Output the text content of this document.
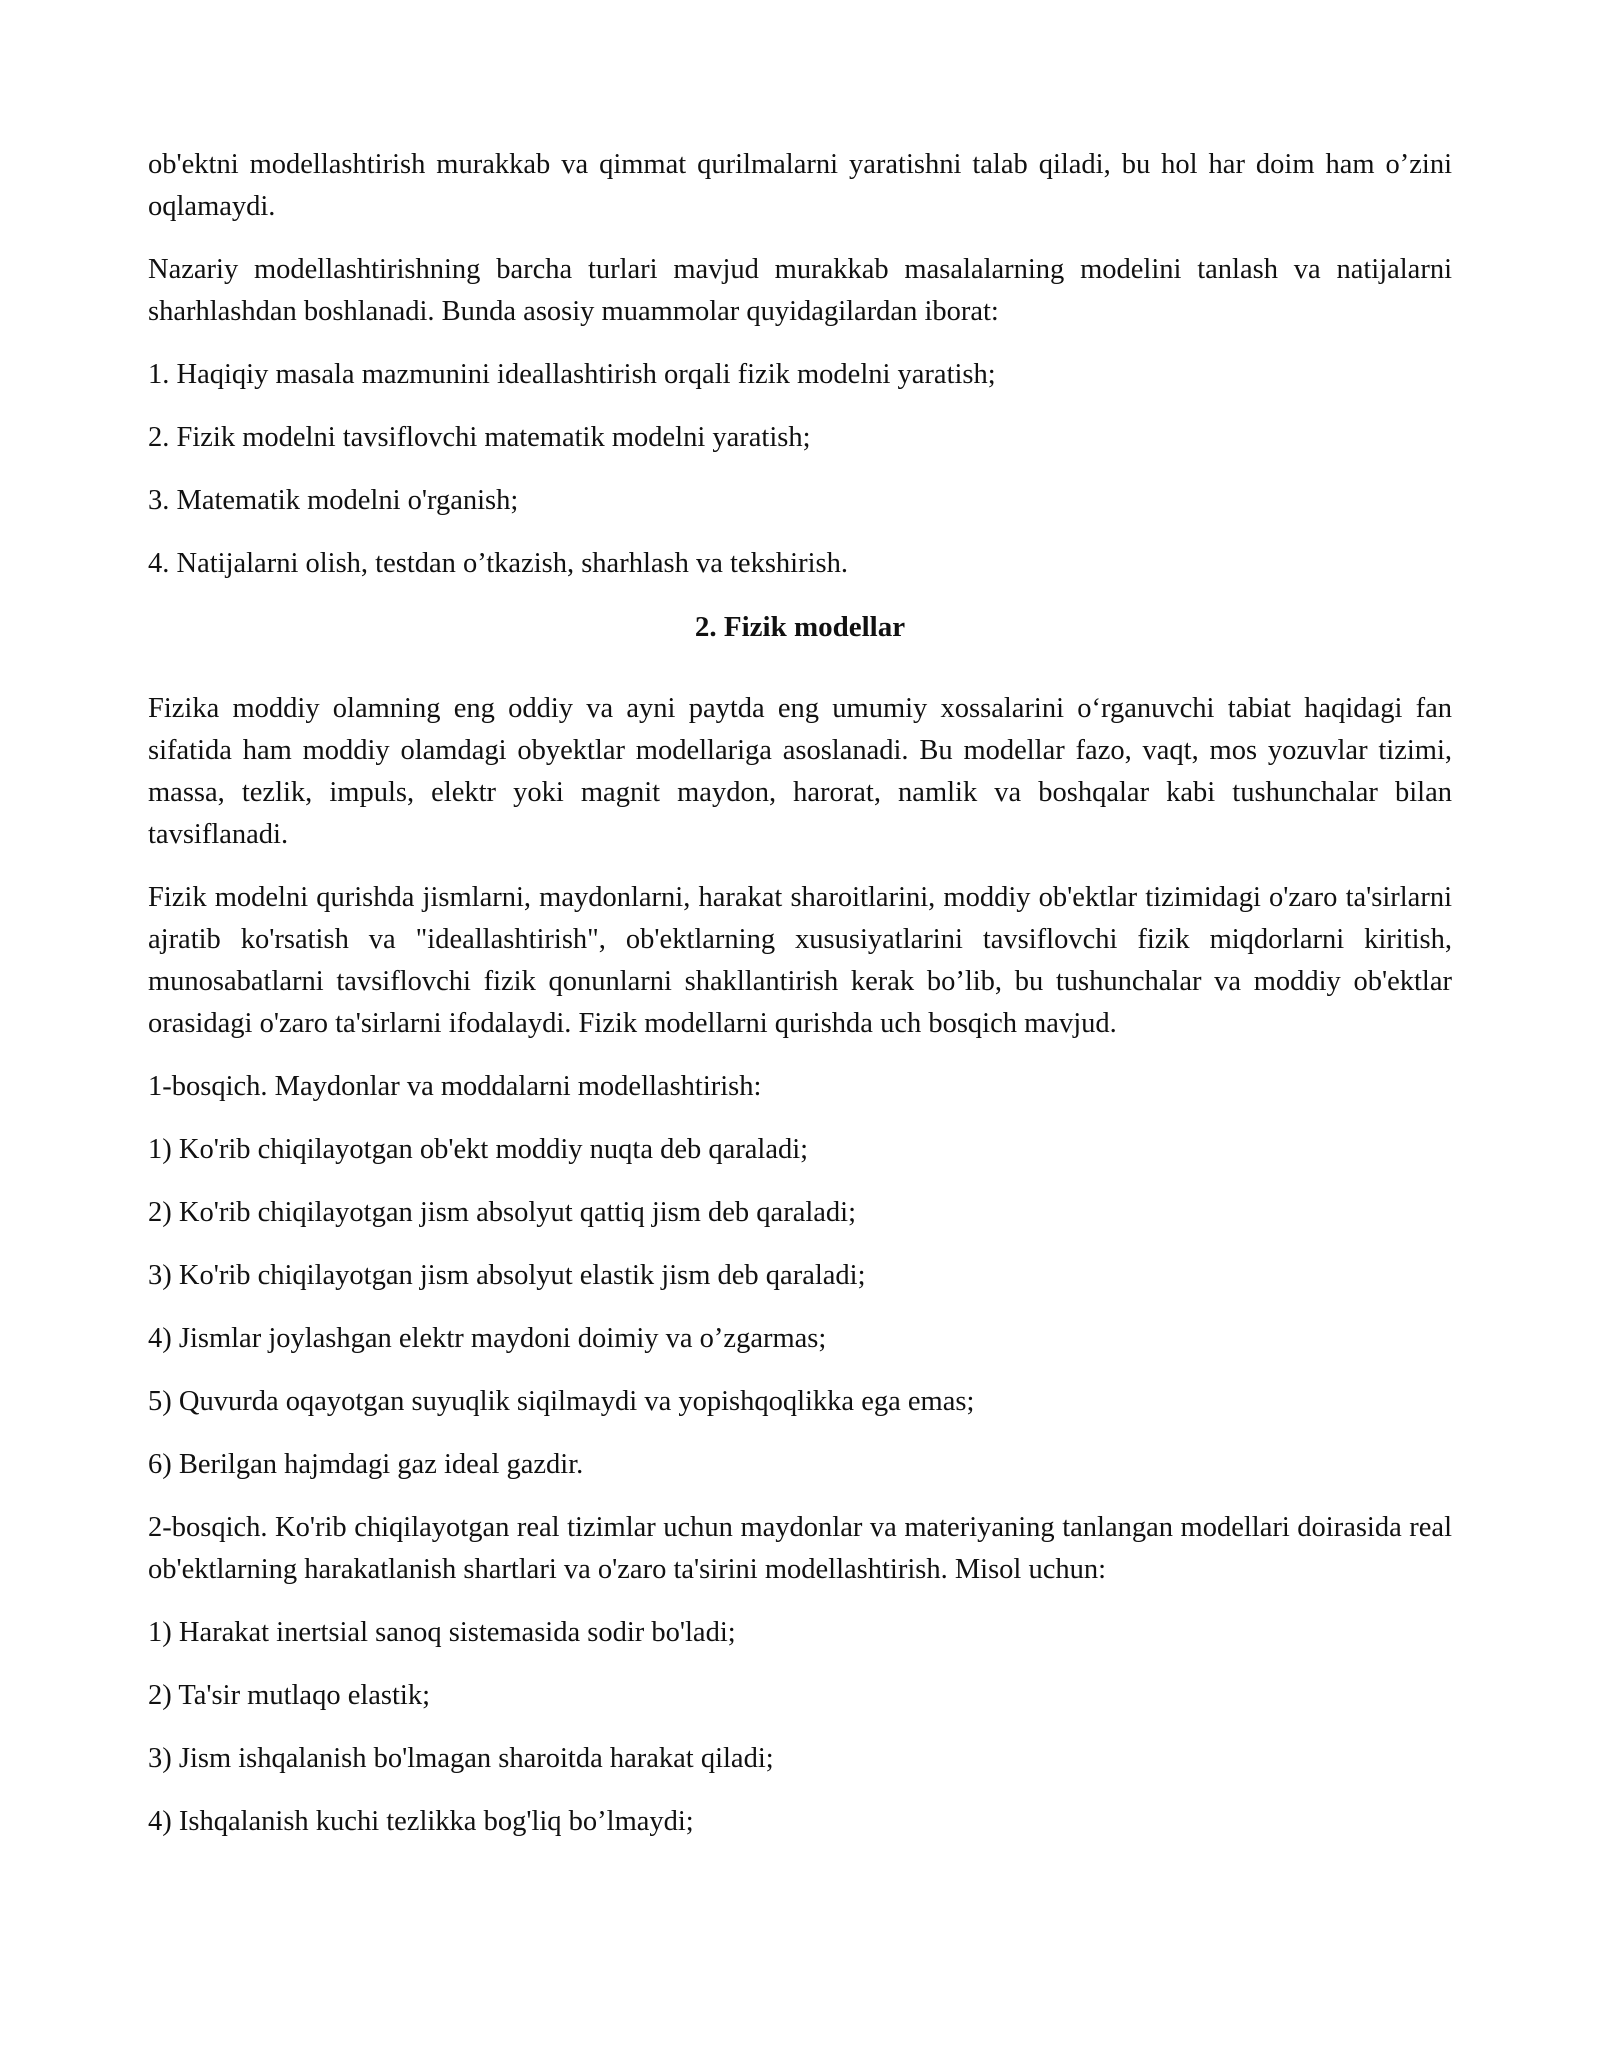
ob'ektni modellashtirish murakkab va qimmat qurilmalarni yaratishni talab qiladi, bu hol har doim ham o’zini oqlamaydi.

Nazariy modellashtirishning barcha turlari mavjud murakkab masalalarning modelini tanlash va natijalarni sharhlashdan boshlanadi. Bunda asosiy muammolar quyidagilardan iborat:

1. Haqiqiy masala mazmunini ideallashtirish orqali fizik modelni yaratish;

2. Fizik modelni tavsiflovchi matematik modelni yaratish;

3. Matematik modelni o'rganish;

4. Natijalarni olish, testdan o’tkazish, sharhlash va tekshirish.

2. Fizik modellar

Fizika moddiy olamning eng oddiy va ayni paytda eng umumiy xossalarini o‘rganuvchi tabiat haqidagi fan sifatida ham moddiy olamdagi obyektlar modellariga asoslanadi. Bu modellar fazo, vaqt, mos yozuvlar tizimi, massa, tezlik, impuls, elektr yoki magnit maydon, harorat, namlik va boshqalar kabi tushunchalar bilan tavsiflanadi.

Fizik modelni qurishda jismlarni, maydonlarni, harakat sharoitlarini, moddiy ob'ektlar tizimidagi o'zaro ta'sirlarni ajratib ko'rsatish va "ideallashtirish", ob'ektlarning xususiyatlarini tavsiflovchi fizik miqdorlarni kiritish, munosabatlarni tavsiflovchi fizik qonunlarni shakllantirish kerak bo’lib, bu tushunchalar va moddiy ob'ektlar orasidagi o'zaro ta'sirlarni ifodalaydi. Fizik modellarni qurishda uch bosqich mavjud.

1-bosqich. Maydonlar va moddalarni modellashtirish:

1) Ko'rib chiqilayotgan ob'ekt moddiy nuqta deb qaraladi;

2) Ko'rib chiqilayotgan jism absolyut qattiq jism deb qaraladi;

3) Ko'rib chiqilayotgan jism absolyut elastik jism deb qaraladi;

4) Jismlar joylashgan elektr maydoni doimiy va o’zgarmas;

5) Quvurda oqayotgan suyuqlik siqilmaydi va yopishqoqlikka ega emas;

6) Berilgan hajmdagi gaz ideal gazdir.

2-bosqich. Ko'rib chiqilayotgan real tizimlar uchun maydonlar va materiyaning tanlangan modellari doirasida real ob'ektlarning harakatlanish shartlari va o'zaro ta'sirini modellashtirish. Misol uchun:

1) Harakat inertsial sanoq sistemasida sodir bo'ladi;

2) Ta'sir mutlaqo elastik;

3) Jism ishqalanish bo'lmagan sharoitda harakat qiladi;

4) Ishqalanish kuchi tezlikka bog'liq bo’lmaydi;
